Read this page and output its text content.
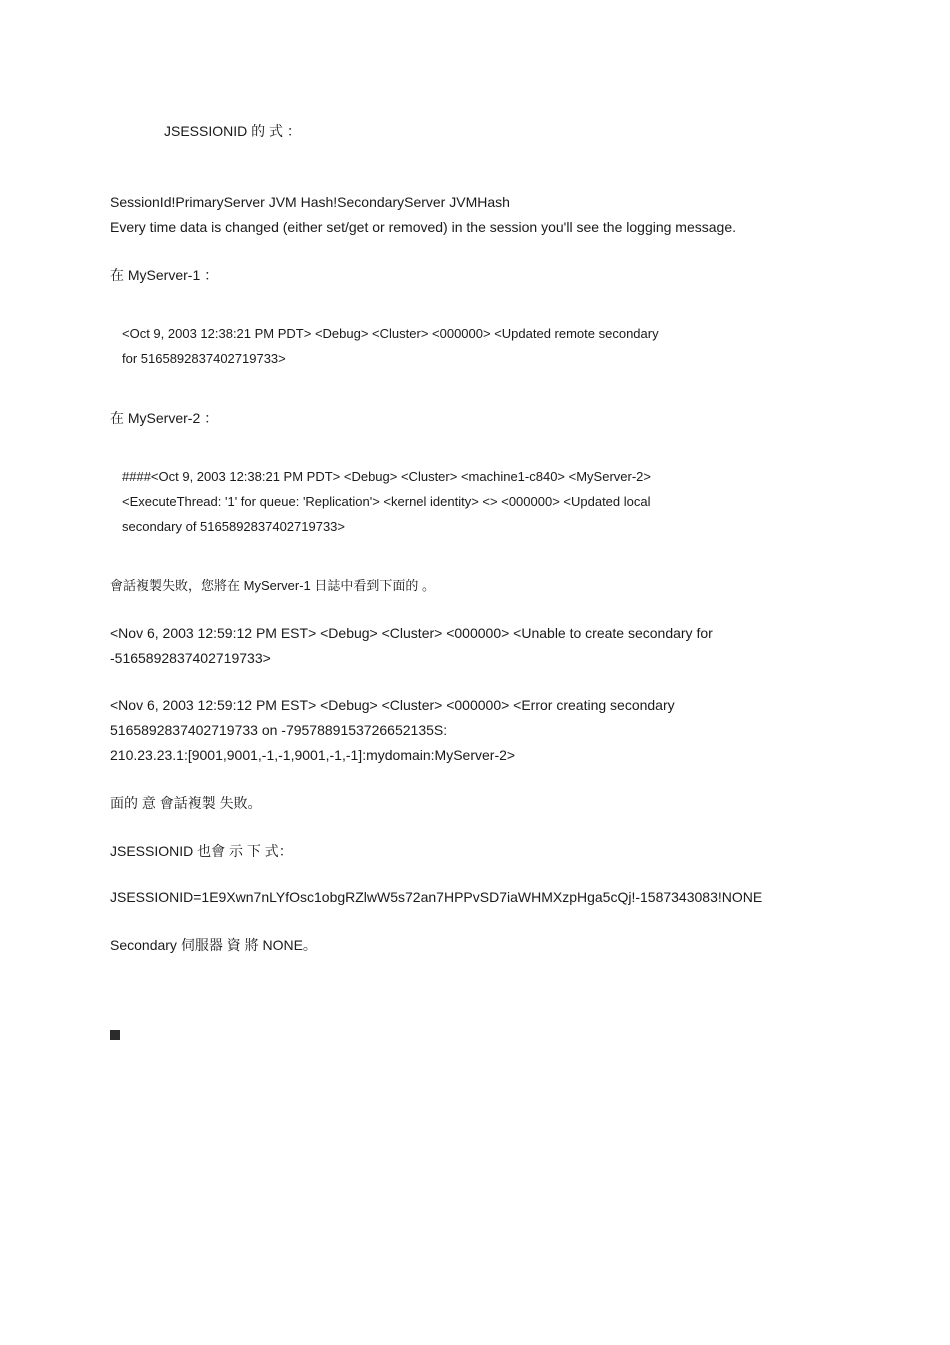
JSESSIONID 的 式 ：
SessionId!PrimaryServer JVM Hash!SecondaryServer JVMHash
Every time data is changed (either set/get or removed) in the session you'll see the logging message.
在 MyServer-1 ：
<Oct 9, 2003 12:38:21 PM PDT> <Debug> <Cluster> <000000> <Updated remote secondary
for 5165892837402719733>
在 MyServer-2 ：
####<Oct 9, 2003 12:38:21 PM PDT> <Debug> <Cluster> <machine1-c840> <MyServer-2>
<ExecuteThread: '1' for queue: 'Replication'> <kernel identity> <> <000000> <Updated local
secondary of 5165892837402719733>
會話複製失敗，您將在 MyServer-1 日誌中看到下面的 。
<Nov 6, 2003 12:59:12 PM EST> <Debug> <Cluster> <000000> <Unable to create secondary for
-5165892837402719733>
<Nov 6, 2003 12:59:12 PM EST> <Debug> <Cluster> <000000> <Error creating secondary
5165892837402719733 on -7957889153726652135S:
210.23.23.1:[9001,9001,-1,-1,9001,-1,-1]:mydomain:MyServer-2>
面的 意 會話複製 失敗。
JSESSIONID 也會 示 下 式：
JSESSIONID=1E9Xwn7nLYfOsc1obgRZlwW5s72an7HPPvSD7iaWHMXzpHga5cQj!-1587343083!NONE
Secondary 伺服器 資 將 NONE。
